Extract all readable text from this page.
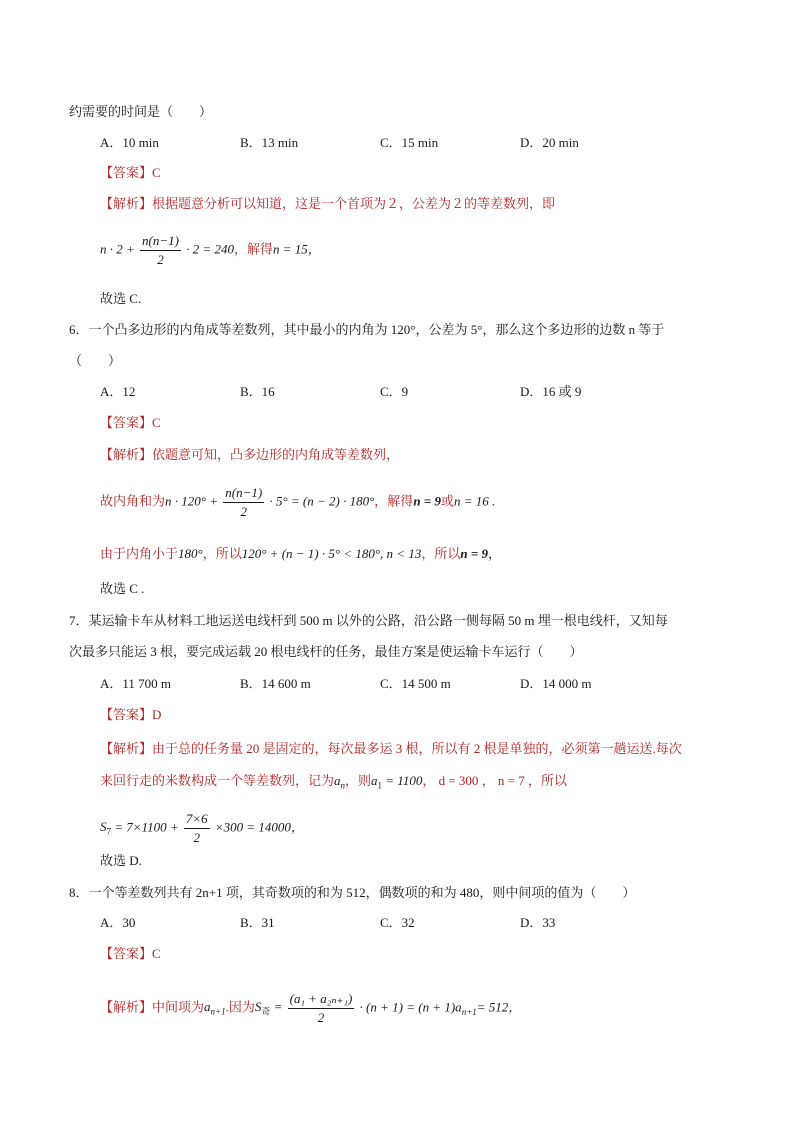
约需要的时间是（　　）
A．10 min	B．13 min	C．15 min	D．20 min
【答案】C
【解析】根据题意分析可以知道，这是一个首项为２，公差为２的等差数列，即
$n \cdot 2 + \frac{n(n-1)}{2} \cdot 2 = 240$，解得n = 15，
故选 C.
6．一个凸多边形的内角成等差数列，其中最小的内角为 120°，公差为 5°，那么这个多边形的边数 n 等于
（　　）
A．12	B．16	C．9	D．16 或 9
【答案】C
【解析】依题意可知，凸多边形的内角成等差数列，
故内角和为$n \cdot 120^\circ + \frac{n(n-1)}{2} \cdot 5^\circ = (n - 2) \cdot 180^\circ$，解得n = 9或n = 16 .
由于内角小于180°，所以120° + (n − 1) · 5° < 180°, n < 13，所以n = 9，
故选 C .
7．某运输卡车从材料工地运送电线杆到 500 m 以外的公路，沿公路一侧每隔 50 m 埋一根电线杆，又知每
次最多只能运 3 根，要完成运载 20 根电线杆的任务，最佳方案是使运输卡车运行（　　）
A．11 700 m	B．14 600 m	C．14 500 m	D．14 000 m
【答案】D
【解析】由于总的任务量 20 是固定的，每次最多运 3 根，所以有 2 根是单独的，必须第一趟运送.每次
来回行走的米数构成一个等差数列，记为$a_n$，则$a_1 = 1100$， d = 300 ， n = 7 ，所以
$S_7 = 7\times 1100 + \frac{7\times 6}{2} \times 300 = 14000$，
故选 D.
8．一个等差数列共有 2n+1 项，其奇数项的和为 512，偶数项的和为 480，则中间项的值为（　　）
A．30	B．31	C．32	D．33
【答案】C
【解析】中间项为$a_{n+1}$.因为$S_奇 = \frac{\text{(a₁ + a₂ₙ₊₁)}}{2} \cdot (n + 1) = (n + 1)a_{n+1}= 512$，
